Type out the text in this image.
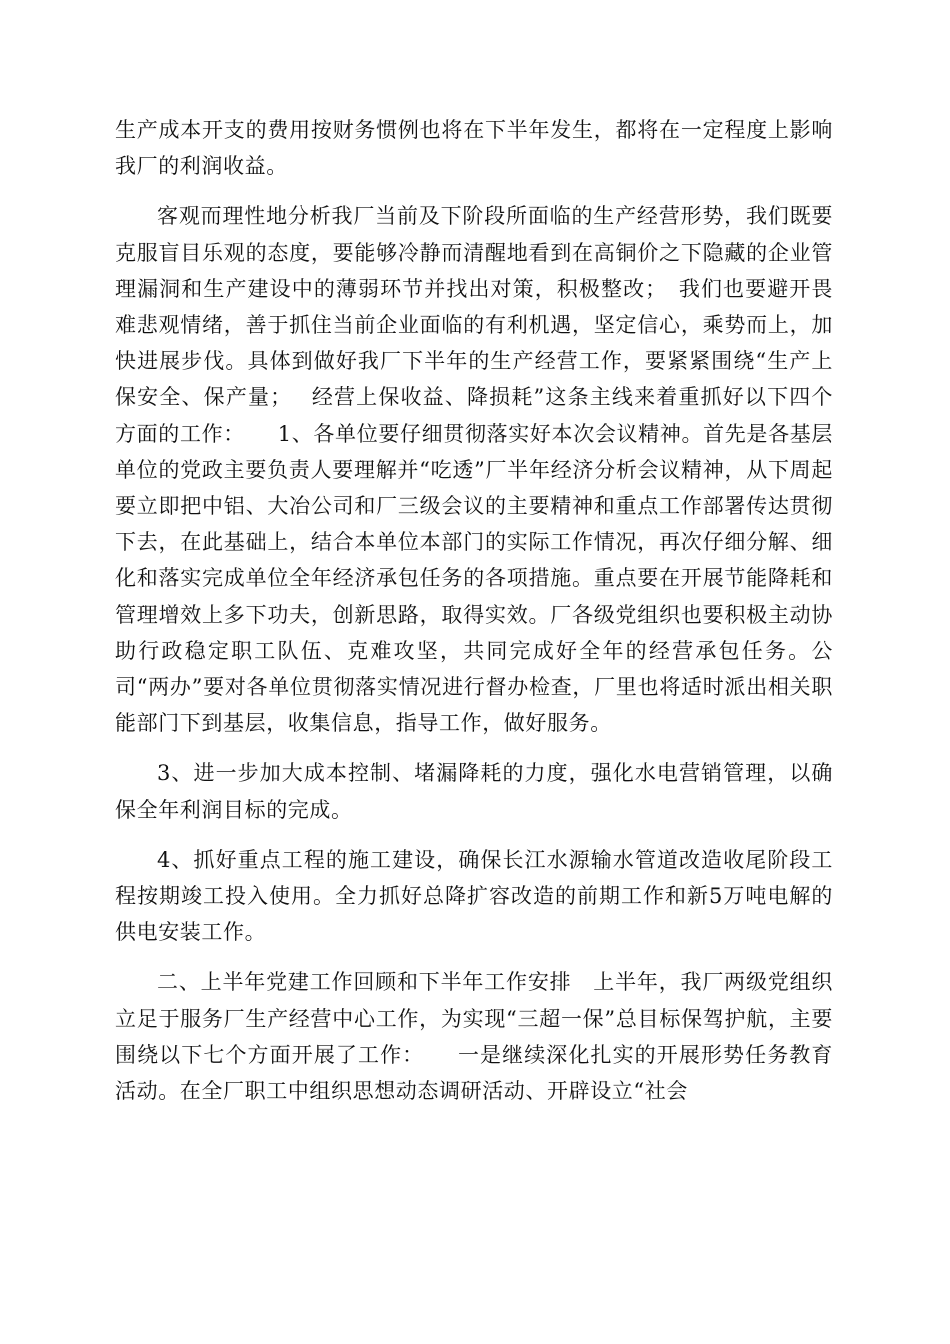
生产成本开支的费用按财务惯例也将在下半年发生，都将在一定程度上影响我厂的利润收益。

客观而理性地分析我厂当前及下阶段所面临的生产经营形势，我们既要克服盲目乐观的态度，要能够冷静而清醒地看到在高铜价之下隐藏的企业管理漏洞和生产建设中的薄弱环节并找出对策，积极整改；　我们也要避开畏难悲观情绪，善于抓住当前企业面临的有利机遇，坚定信心，乘势而上，加快进展步伐。具体到做好我厂下半年的生产经营工作，要紧紧围绕“生产上保安全、保产量；　 经营上保收益、降损耗”这条主线来着重抓好以下四个方面的工作：　　1、各单位要仔细贯彻落实好本次会议精神。首先是各基层单位的党政主要负责人要理解并“吃透”厂半年经济分析会议精神，从下周起要立即把中铝、大冶公司和厂三级会议的主要精神和重点工作部署传达贯彻下去，在此基础上，结合本单位本部门的实际工作情况，再次仔细分解、细化和落实完成单位全年经济承包任务的各项措施。重点要在开展节能降耗和管理增效上多下功夫，创新思路，取得实效。厂各级党组织也要积极主动协助行政稳定职工队伍、克难攻坚，共同完成好全年的经营承包任务。公司“两办”要对各单位贯彻落实情况进行督办检查，厂里也将适时派出相关职能部门下到基层，收集信息，指导工作，做好服务。

3、进一步加大成本控制、堵漏降耗的力度，强化水电营销管理，以确保全年利润目标的完成。

4、抓好重点工程的施工建设，确保长江水源输水管道改造收尾阶段工程按期竣工投入使用。全力抓好总降扩容改造的前期工作和新5万吨电解的供电安装工作。

二、上半年党建工作回顾和下半年工作安排　上半年，我厂两级党组织立足于服务厂生产经营中心工作，为实现“三超一保”总目标保驾护航，主要围绕以下七个方面开展了工作：　　一是继续深化扎实的开展形势任务教育活动。在全厂职工中组织思想动态调研活动、开辟设立“社会
